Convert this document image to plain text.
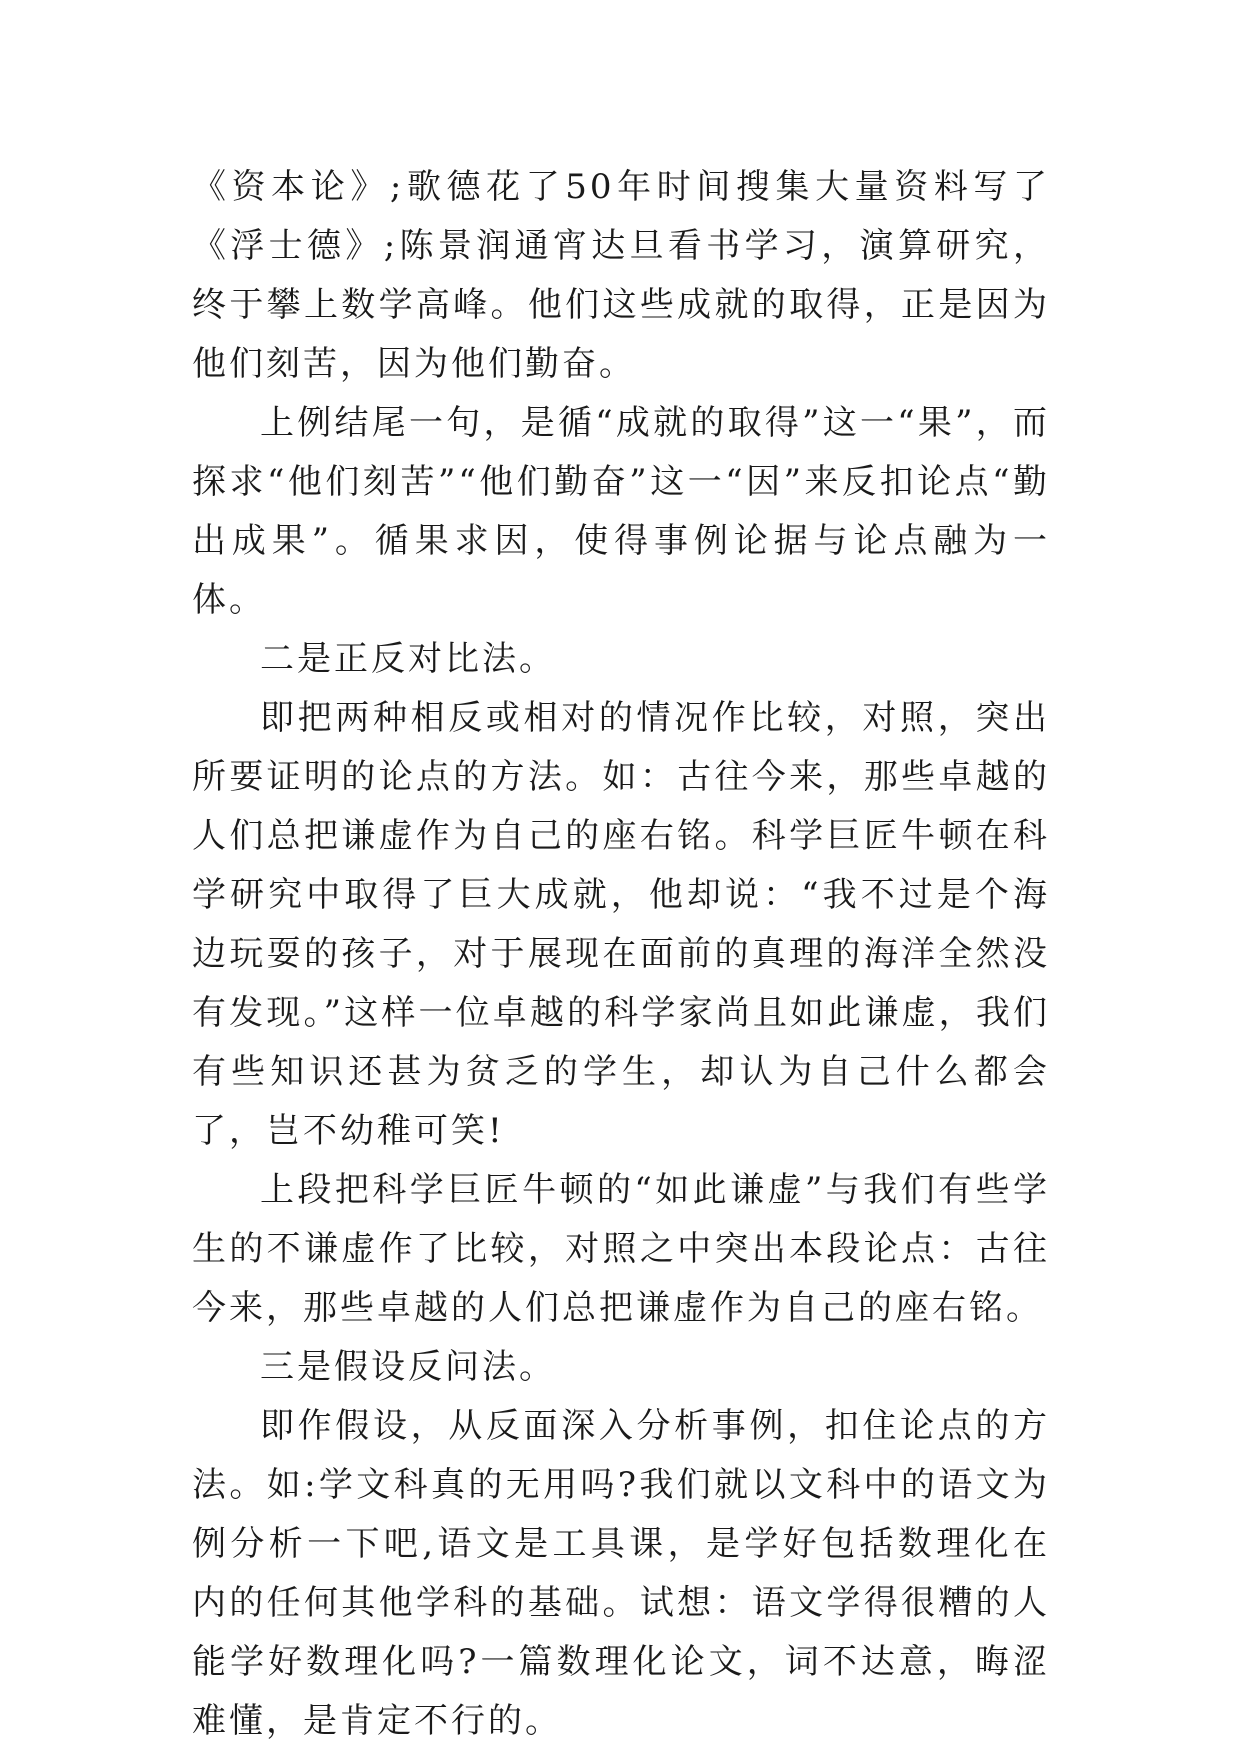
《资本论》;歌德花了50年时间搜集大量资料写了《浮士德》;陈景润通宵达旦看书学习，演算研究，终于攀上数学高峰。他们这些成就的取得，正是因为他们刻苦，因为他们勤奋。

上例结尾一句，是循“成就的取得”这一“果”，而探求“他们刻苦”“他们勤奋”这一“因”来反扣论点“勤出成果”。循果求因，使得事例论据与论点融为一体。

二是正反对比法。

即把两种相反或相对的情况作比较，对照，突出所要证明的论点的方法。如：古往今来，那些卓越的人们总把谦虚作为自己的座右铭。科学巨匠牛顿在科学研究中取得了巨大成就，他却说：“我不过是个海边玩耍的孩子，对于展现在面前的真理的海洋全然没有发现。”这样一位卓越的科学家尚且如此谦虚，我们有些知识还甚为贫乏的学生，却认为自己什么都会了，岂不幼稚可笑!

上段把科学巨匠牛顿的“如此谦虚”与我们有些学生的不谦虚作了比较，对照之中突出本段论点：古往今来，那些卓越的人们总把谦虚作为自己的座右铭。

三是假设反问法。

即作假设，从反面深入分析事例，扣住论点的方法。如:学文科真的无用吗?我们就以文科中的语文为例分析一下吧,语文是工具课，是学好包括数理化在内的任何其他学科的基础。试想：语文学得很糟的人能学好数理化吗?一篇数理化论文，词不达意，晦涩难懂，是肯定不行的。
